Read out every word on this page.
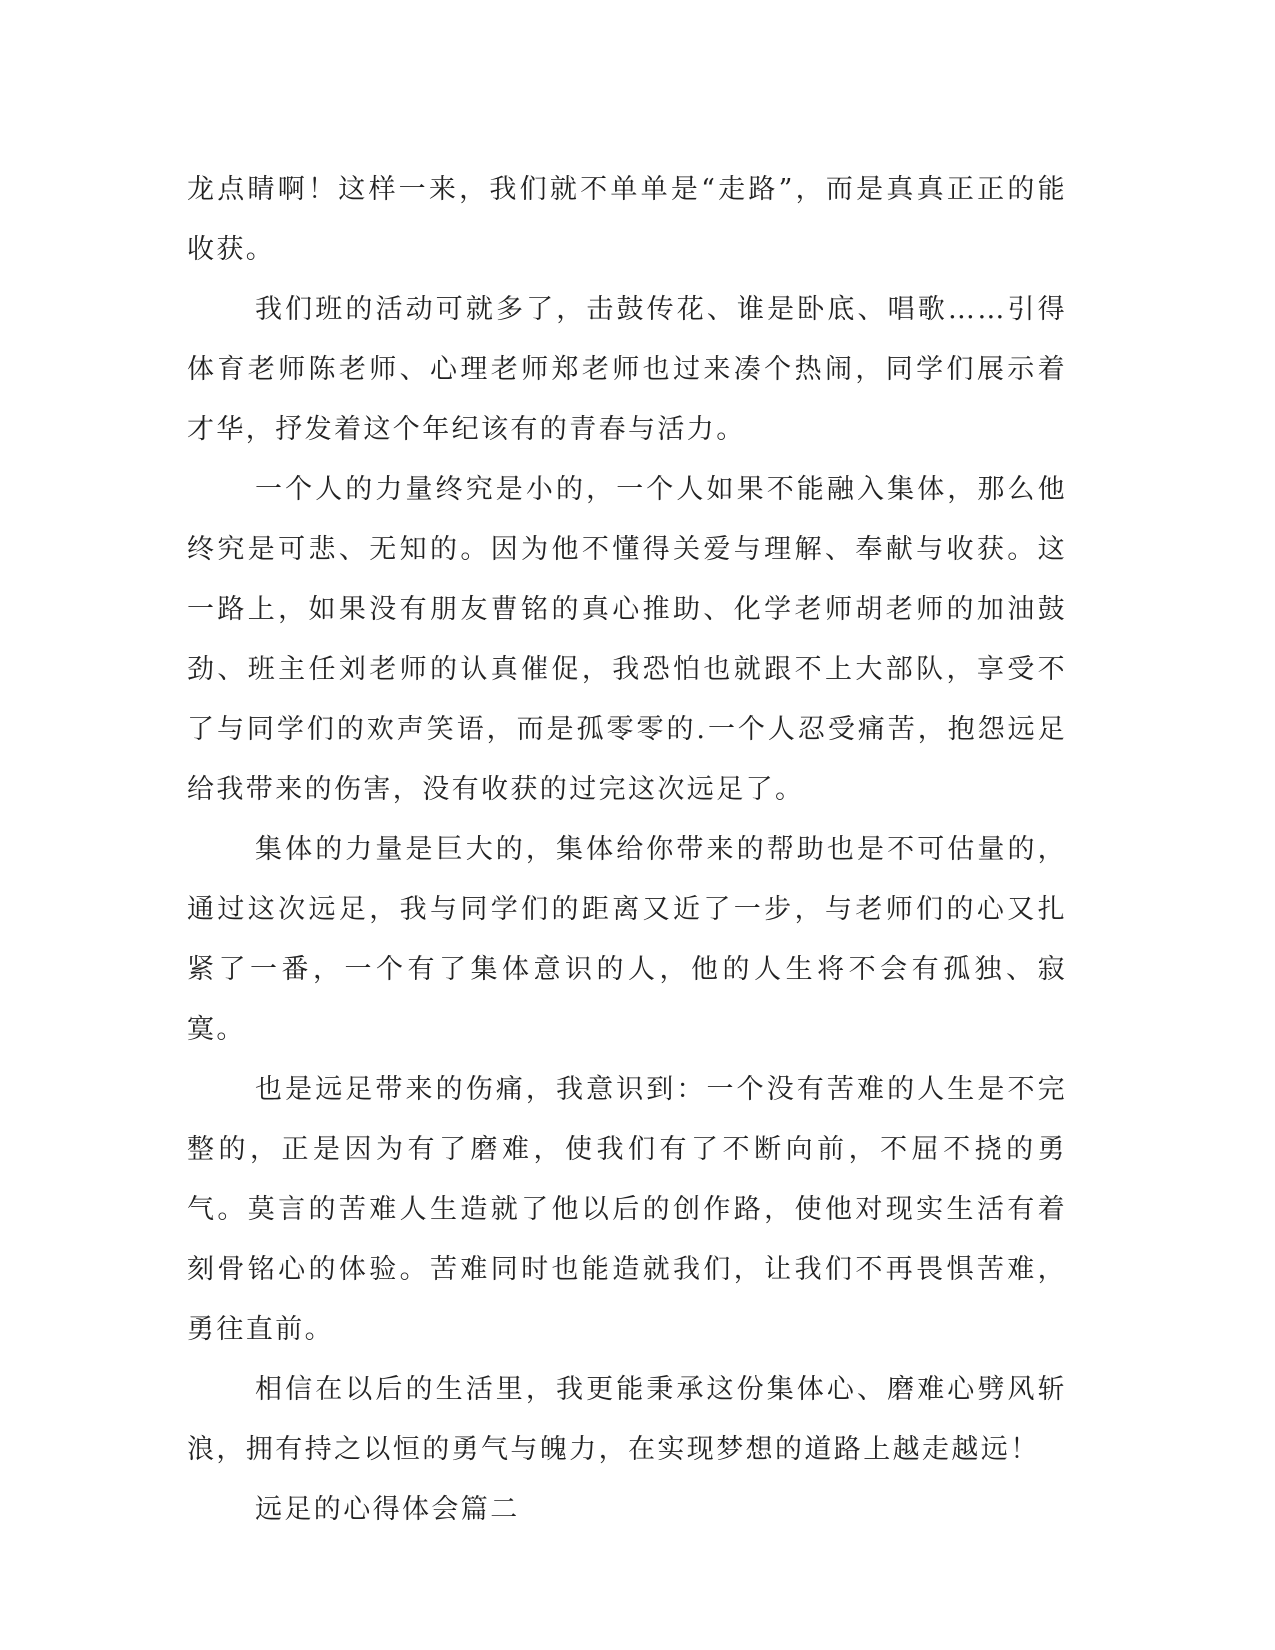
龙点睛啊！这样一来，我们就不单单是“走路”，而是真真正正的能收获。

我们班的活动可就多了，击鼓传花、谁是卧底、唱歌……引得体育老师陈老师、心理老师郑老师也过来凑个热闹，同学们展示着才华，抒发着这个年纪该有的青春与活力。

一个人的力量终究是小的，一个人如果不能融入集体，那么他终究是可悲、无知的。因为他不懂得关爱与理解、奉献与收获。这一路上，如果没有朋友曹铭的真心推助、化学老师胡老师的加油鼓劲、班主任刘老师的认真催促，我恐怕也就跟不上大部队，享受不了与同学们的欢声笑语，而是孤零零的.一个人忍受痛苦，抱怨远足给我带来的伤害，没有收获的过完这次远足了。

集体的力量是巨大的，集体给你带来的帮助也是不可估量的，通过这次远足，我与同学们的距离又近了一步，与老师们的心又扎紧了一番，一个有了集体意识的人，他的人生将不会有孤独、寂寞。

也是远足带来的伤痛，我意识到：一个没有苦难的人生是不完整的，正是因为有了磨难，使我们有了不断向前，不屈不挠的勇气。莫言的苦难人生造就了他以后的创作路，使他对现实生活有着刻骨铭心的体验。苦难同时也能造就我们，让我们不再畏惧苦难，勇往直前。

相信在以后的生活里，我更能秉承这份集体心、磨难心劈风斩浪，拥有持之以恒的勇气与魄力，在实现梦想的道路上越走越远！

远足的心得体会篇二
